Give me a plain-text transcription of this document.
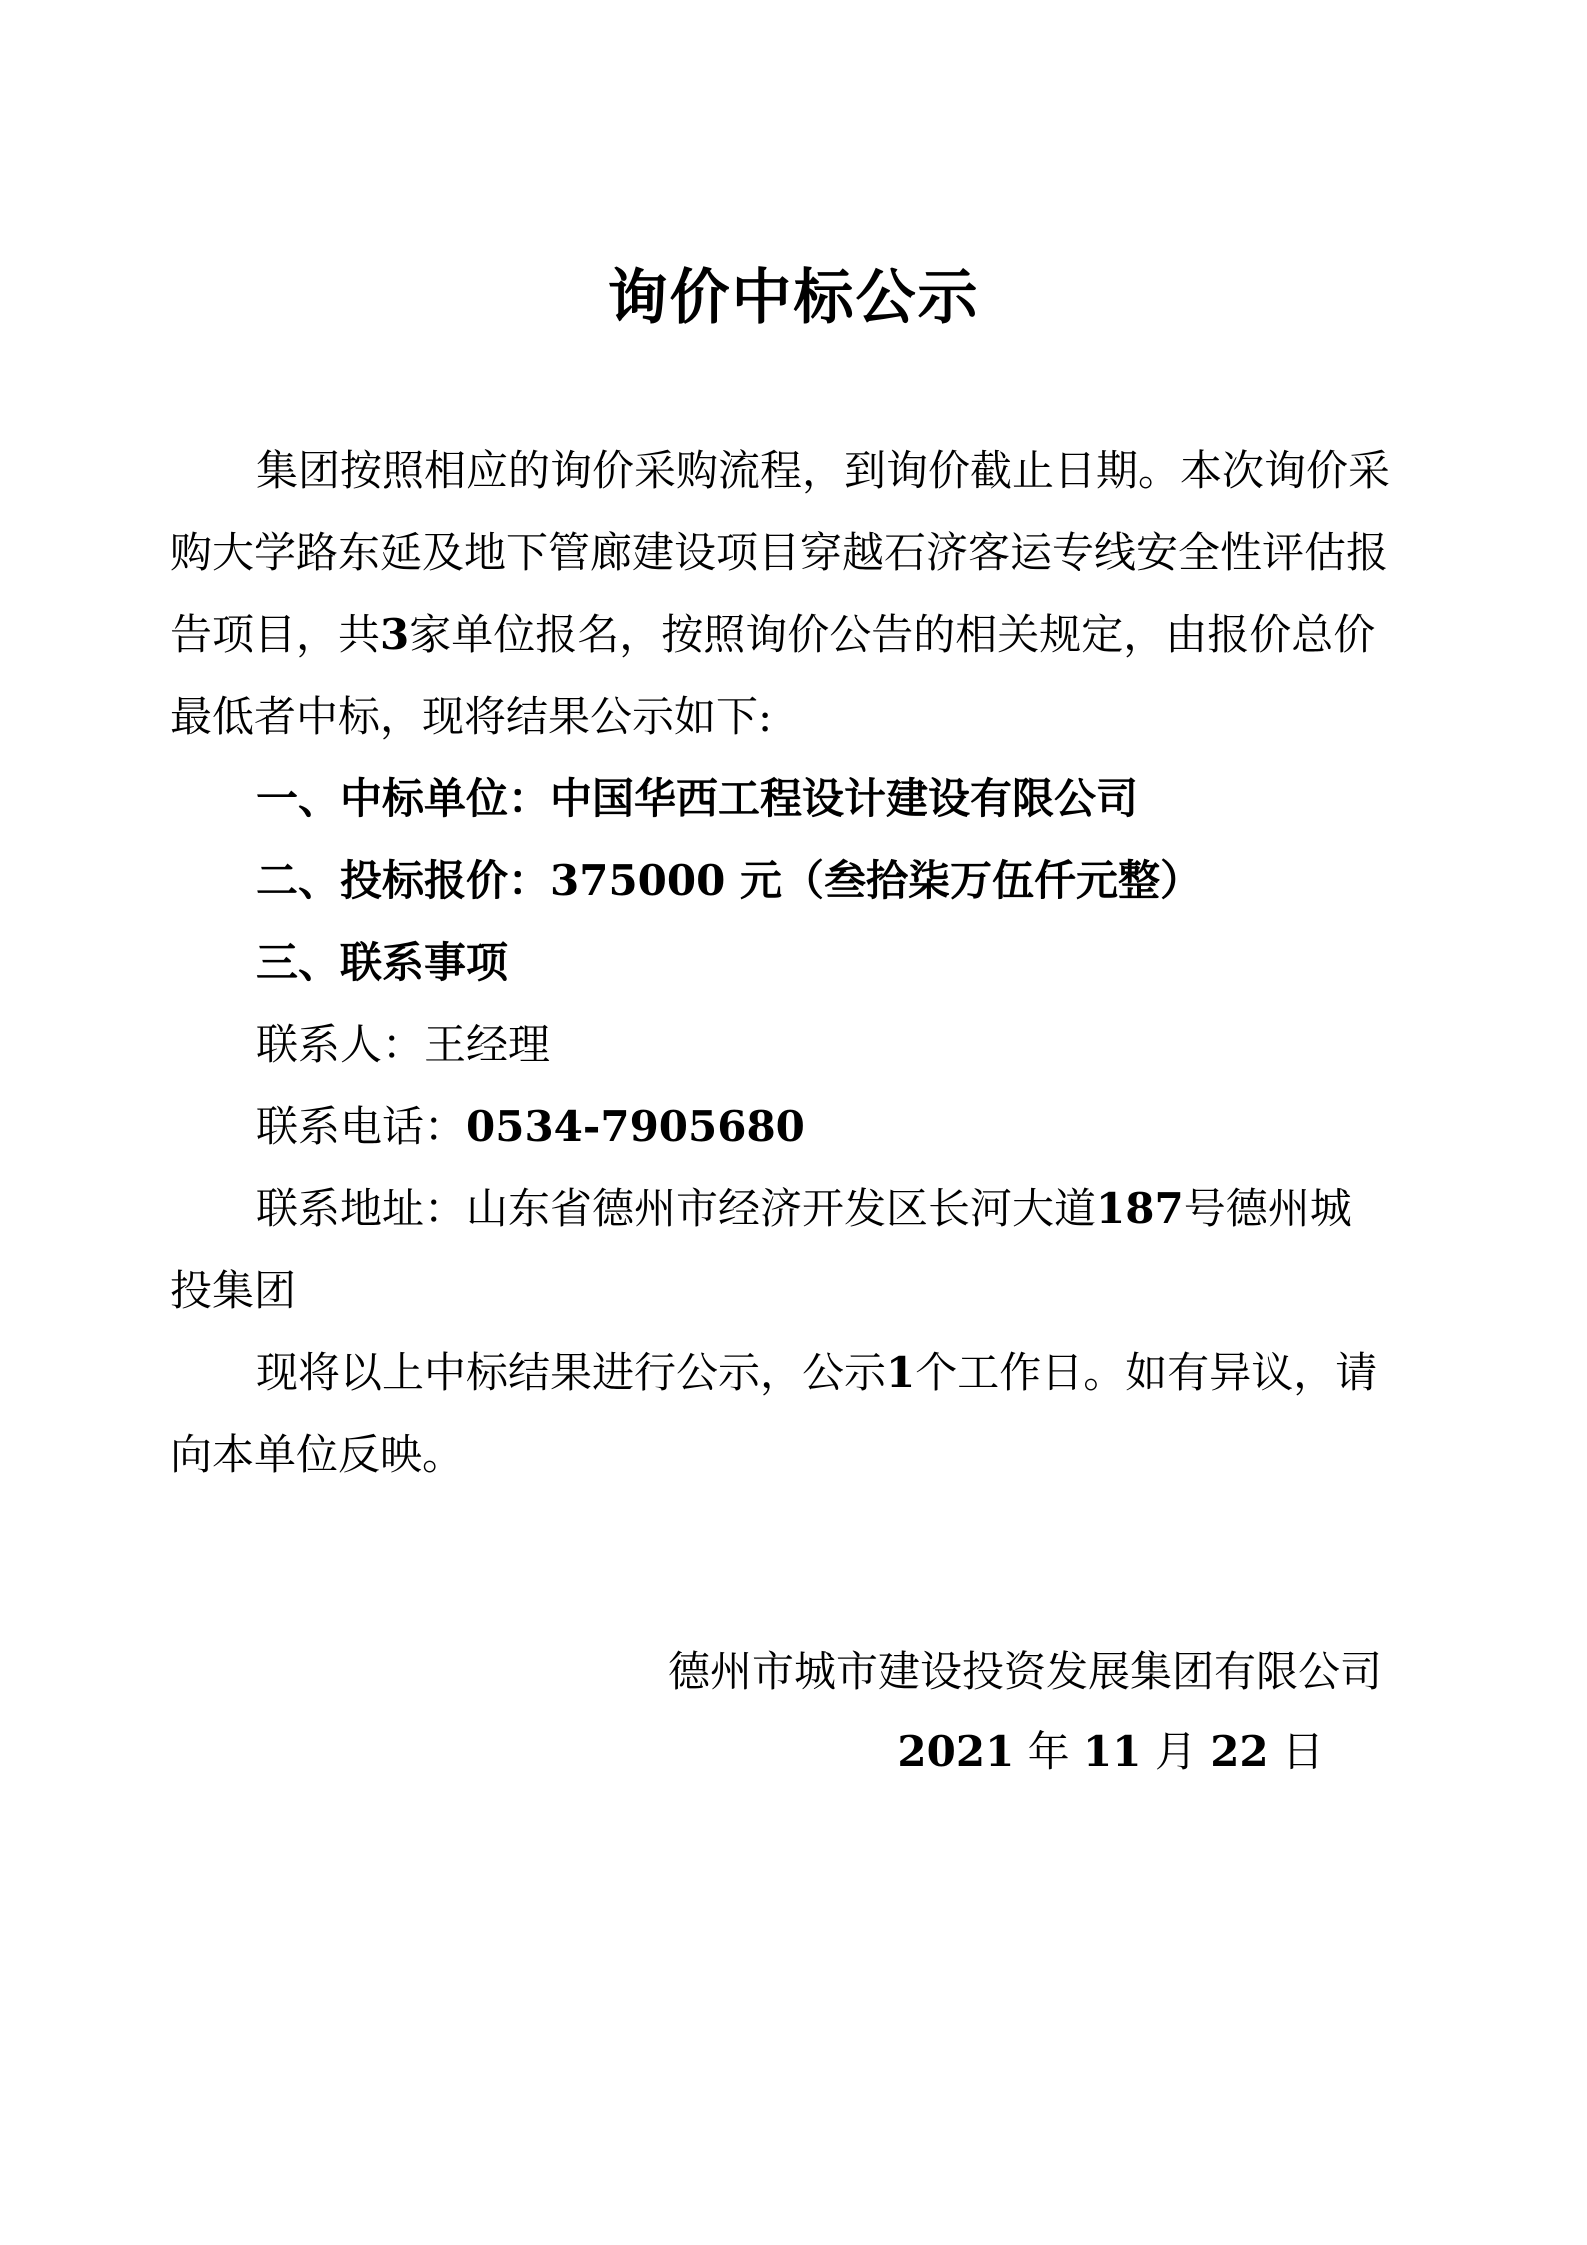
询价中标公示

集团按照相应的询价采购流程，到询价截止日期。本次询价采购大学路东延及地下管廊建设项目穿越石济客运专线安全性评估报告项目，共3家单位报名，按照询价公告的相关规定，由报价总价最低者中标，现将结果公示如下:

一、中标单位：中国华西工程设计建设有限公司

二、投标报价：375000 元（叁拾柒万伍仟元整）

三、联系事项

联系人：王经理

联系电话：0534-7905680

联系地址：山东省德州市经济开发区长河大道187号德州城投集团

现将以上中标结果进行公示，公示1个工作日。如有异议，请向本单位反映。

德州市城市建设投资发展集团有限公司
2021 年 11 月 22 日
